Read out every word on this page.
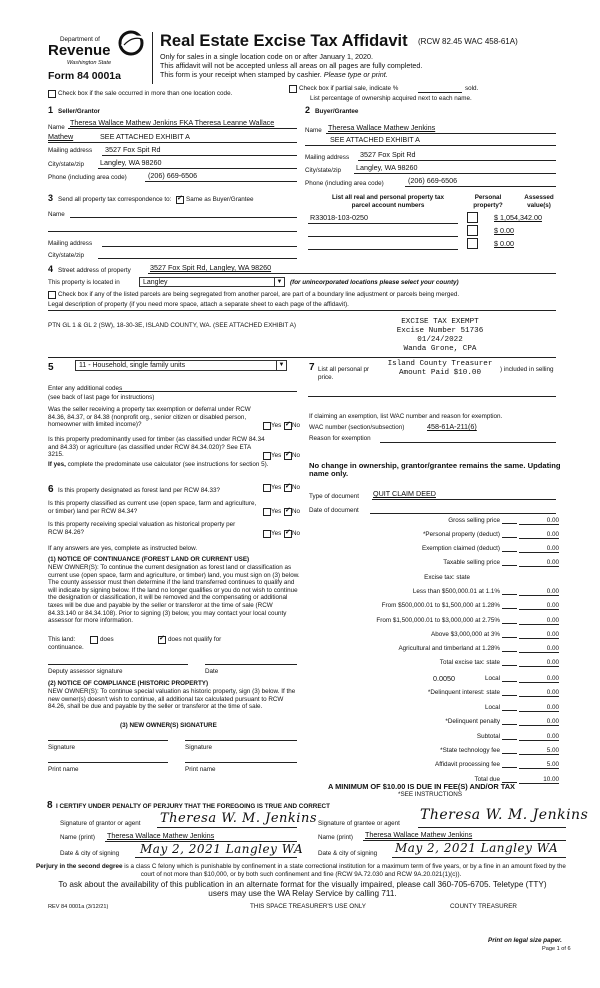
Department of
Revenue
Washington State
Form 84 0001a
Real Estate Excise Tax Affidavit (RCW 82.45 WAC 458-61A)
Only for sales in a single location code on or after January 1, 2020.
This affidavit will not be accepted unless all areas on all pages are fully completed.
This form is your receipt when stamped by cashier. Please type or print.
Check box if the sale occurred in more than one location code.
Check box if partial sale, indicate %	sold.
List percentage of ownership acquired next to each name.
1 Seller/Grantor
Name
Theresa Wallace Mathew Jenkins FKA Theresa Leanne Wallace
Mathew	SEE ATTACHED EXHIBIT A
Mailing address 3527 Fox Spit Rd
City/state/zip Langley, WA 98260
Phone (including area code)	(206) 669-6506
2 Buyer/Grantee
Name Theresa Wallace Mathew Jenkins
SEE ATTACHED EXHIBIT A
Mailing address 3527 Fox Spit Rd
City/state/zip Langley, WA 98260
Phone (including area code)	(206) 669-6506
3 Send all property tax correspondence to: ✓ Same as Buyer/Grantee
Name
Mailing address
City/state/zip
List all real and personal property tax
parcel account numbers
Personal
property?
Assessed
value(s)
R33018-103-0250	$ 1,054,342.00
$ 0.00
$ 0.00
4 Street address of property	3527 Fox Spit Rd, Langley, WA 98260
This property is located in	Langley	▼ (for unincorporated locations please select your county)
Check box if any of the listed parcels are being segregated from another parcel, are part of a boundary line adjustment or parcels being merged.
Legal description of property (if you need more space, attach a separate sheet to each page of the affidavit).
PTN GL 1 & GL 2 (SW), 18-30-3E, ISLAND COUNTY, WA. (SEE ATTACHED EXHIBIT A)	EXCISE TAX EXEMPT
Excise Number 51736
01/24/2022
Wanda Grone, CPA
5	11 - Household, single family units	▼
Enter any additional codes
(see back of last page for instructions)
Was the seller receiving a property tax exemption or deferral under RCW 84.36, 84.37, or 84.38 (nonprofit org., senior citizen or disabled person, homeowner with limited income)?	Yes ✓ No
Is this property predominantly used for timber (as classified under RCW 84.34 and 84.33) or agriculture (as classified under RCW 84.34.020)? See ETA 3215.	Yes ✓ No
If yes, complete the predominate use calculator (see instructions for section 5).
7 List all personal pr	) included in selling
price.
Island County Treasurer
Amount Paid $10.00
If claiming an exemption, list WAC number and reason for exemption.
WAC number (section/subsection)	458-61A-211(6)
Reason for exemption
No change in ownership, grantor/grantee remains the same. Updating name only.
6 Is this property designated as forest land per RCW 84.33?	Yes ✓ No
Is this property classified as current use (open space, farm and agriculture, or timber) land per RCW 84.34?	Yes ✓ No
Is this property receiving special valuation as historical property per RCW 84.26?	Yes ✓ No
If any answers are yes, complete as instructed below.
(1) NOTICE OF CONTINUANCE (FOREST LAND OR CURRENT USE)
NEW OWNER(S): To continue the current designation as forest land or classification as current use (open space, farm and agriculture, or timber) land, you must sign on (3) below. The county assessor must then determine if the land transferred continues to qualify and will indicate by signing below. If the land no longer qualifies or you do not wish to continue the designation or classification, it will be removed and the compensating or additional taxes will be due and payable by the seller or transferor at the time of sale (RCW 84.33.140 or 84.34.108). Prior to signing (3) below, you may contact your local county assessor for more information.
This land:	does ✓	does not qualify for
continuance.
Deputy assessor signature	Date
(2) NOTICE OF COMPLIANCE (HISTORIC PROPERTY)
NEW OWNER(S): To continue special valuation as historic property, sign (3) below. If the new owner(s) doesn't wish to continue, all additional tax calculated pursuant to RCW 84.26, shall be due and payable by the seller or transferor at the time of sale.
(3) NEW OWNER(S) SIGNATURE
Signature	Signature
Print name	Print name
Type of document QUIT CLAIM DEED
Date of document
Gross selling price	0.00
*Personal property (deduct)	0.00
Exemption claimed (deduct)	0.00
Taxable selling price	0.00
Excise tax: state
Less than $500,000.01 at 1.1%	0.00
From $500,000.01 to $1,500,000 at 1.28%	0.00
From $1,500,000.01 to $3,000,000 at 2.75%	0.00
Above $3,000,000 at 3%	0.00
Agricultural and timberland at 1.28%	0.00
Total excise tax: state	0.00
Local	0.00
*Delinquent interest: state	0.00
Local	0.00
*Delinquent penalty	0.00
Subtotal	0.00
*State technology fee	5.00
Affidavit processing fee	5.00
Total due	10.00
0.0050
A MINIMUM OF $10.00 IS DUE IN FEE(S) AND/OR TAX
*SEE INSTRUCTIONS
8 I CERTIFY UNDER PENALTY OF PERJURY THAT THE FOREGOING IS TRUE AND CORRECT
Signature of grantor or agent Theresa W. M. Jenkins
Name (print) Theresa Wallace Mathew Jenkins
Date & city of signing May 2, 2021 Langley WA
Signature of grantee or agent
Theresa W. M. Jenkins
Name (print) Theresa Wallace Mathew Jenkins
Date & city of signing May 2, 2021 Langley WA
Perjury in the second degree is a class C felony which is punishable by confinement in a state correctional institution for a maximum term of five years, or by a fine in an amount fixed by the court of not more than $10,000, or by both such confinement and fine (RCW 9A.72.030 and RCW 9A.20.021(1)(c)).
To ask about the availability of this publication in an alternate format for the visually impaired, please call 360-705-6705. Teletype (TTY) users may use the WA Relay Service by calling 711.
REV 84 0001a (3/12/21)	THIS SPACE TREASURER'S USE ONLY	COUNTY TREASURER
Print on legal size paper.
Page 1 of 6
